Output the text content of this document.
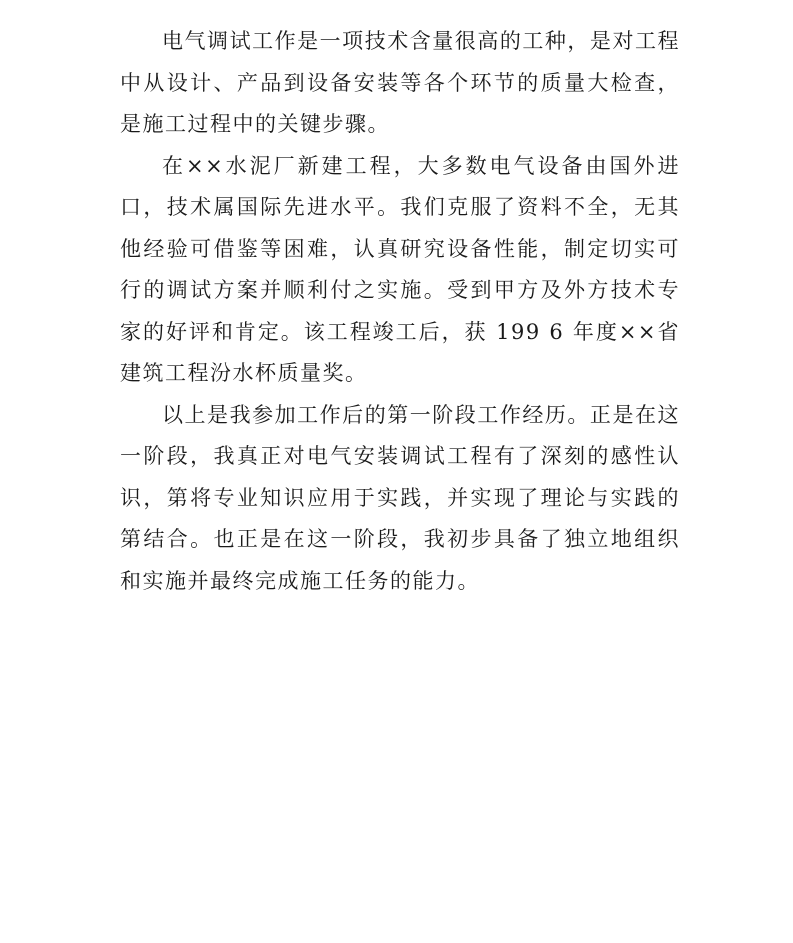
电气调试工作是一项技术含量很高的工种，是对工程中从设计、产品到设备安装等各个环节的质量大检查，是施工过程中的关键步骤。

在××水泥厂新建工程，大多数电气设备由国外进口，技术属国际先进水平。我们克服了资料不全，无其他经验可借鉴等困难，认真研究设备性能，制定切实可行的调试方案并顺利付之实施。受到甲方及外方技术专家的好评和肯定。该工程竣工后，获 199 6 年度××省建筑工程汾水杯质量奖。

以上是我参加工作后的第一阶段工作经历。正是在这一阶段，我真正对电气安装调试工程有了深刻的感性认识，第将专业知识应用于实践，并实现了理论与实践的第结合。也正是在这一阶段，我初步具备了独立地组织和实施并最终完成施工任务的能力。
